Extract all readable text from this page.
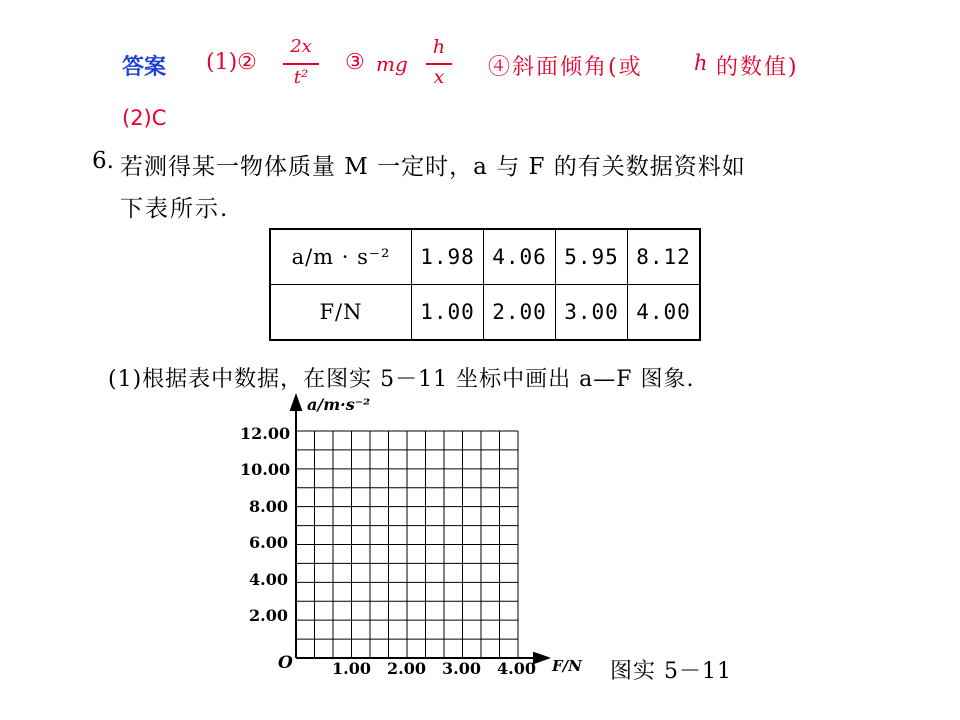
答案 (1)②
2x
t²
③ mg
h
x	④斜面倾角(或 h 的数值)
(2)C
6. 若测得某一物体质量 M 一定时，a 与 F 的有关数据资料如
下表所示.
a/m · s⁻²	1.98	4.06	5.95	8.12
F/N	1.00	2.00	3.00	4.00
(1)根据表中数据，在图实 5－11 坐标中画出 a—F 图象.
a/m·s⁻²
O
12.00
10.00
8.00
6.00
4.00
2.00
1.00 2.00 3.00 4.00 F/N 图实 5－11
